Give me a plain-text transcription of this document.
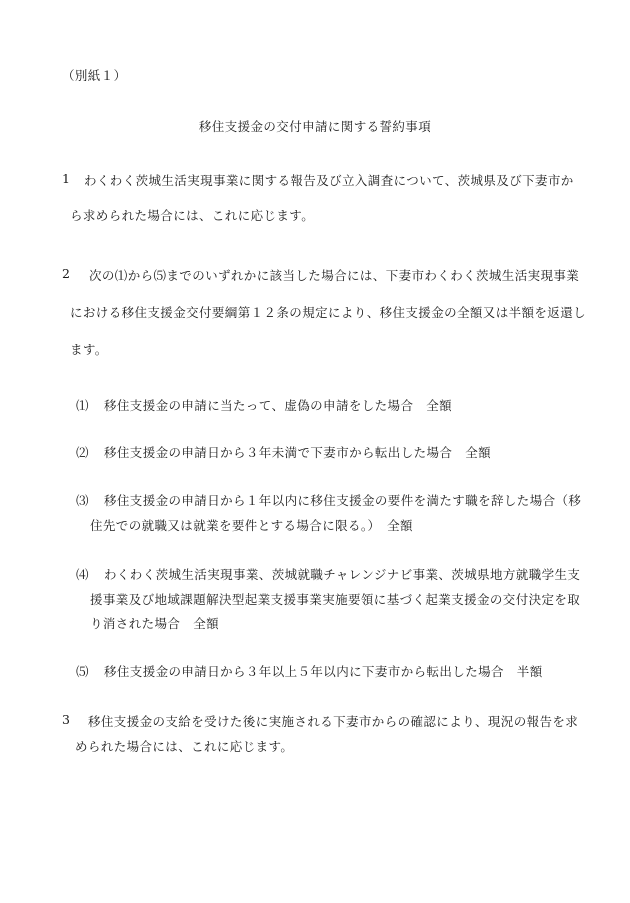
（別紙１）
移住支援金の交付申請に関する誓約事項
1 わくわく茨城生活実現事業に関する報告及び立入調査について、茨城県及び下妻市か
ら求められた場合には、これに応じます。
2 次の⑴から⑸までのいずれかに該当した場合には、下妻市わくわく茨城生活実現事業
における移住支援金交付要綱第１２条の規定により、移住支援金の全額又は半額を返還し
ます。
⑴ 移住支援金の申請に当たって、虚偽の申請をした場合　全額
⑵ 移住支援金の申請日から３年未満で下妻市から転出した場合　全額
⑶ 移住支援金の申請日から１年以内に移住支援金の要件を満たす職を辞した場合（移
住先での就職又は就業を要件とする場合に限る。）　全額
⑷ わくわく茨城生活実現事業、茨城就職チャレンジナビ事業、茨城県地方就職学生支
援事業及び地域課題解決型起業支援事業実施要領に基づく起業支援金の交付決定を取
り消された場合　全額
⑸ 移住支援金の申請日から３年以上５年以内に下妻市から転出した場合　半額
3 移住支援金の支給を受けた後に実施される下妻市からの確認により、現況の報告を求
められた場合には、これに応じます。
